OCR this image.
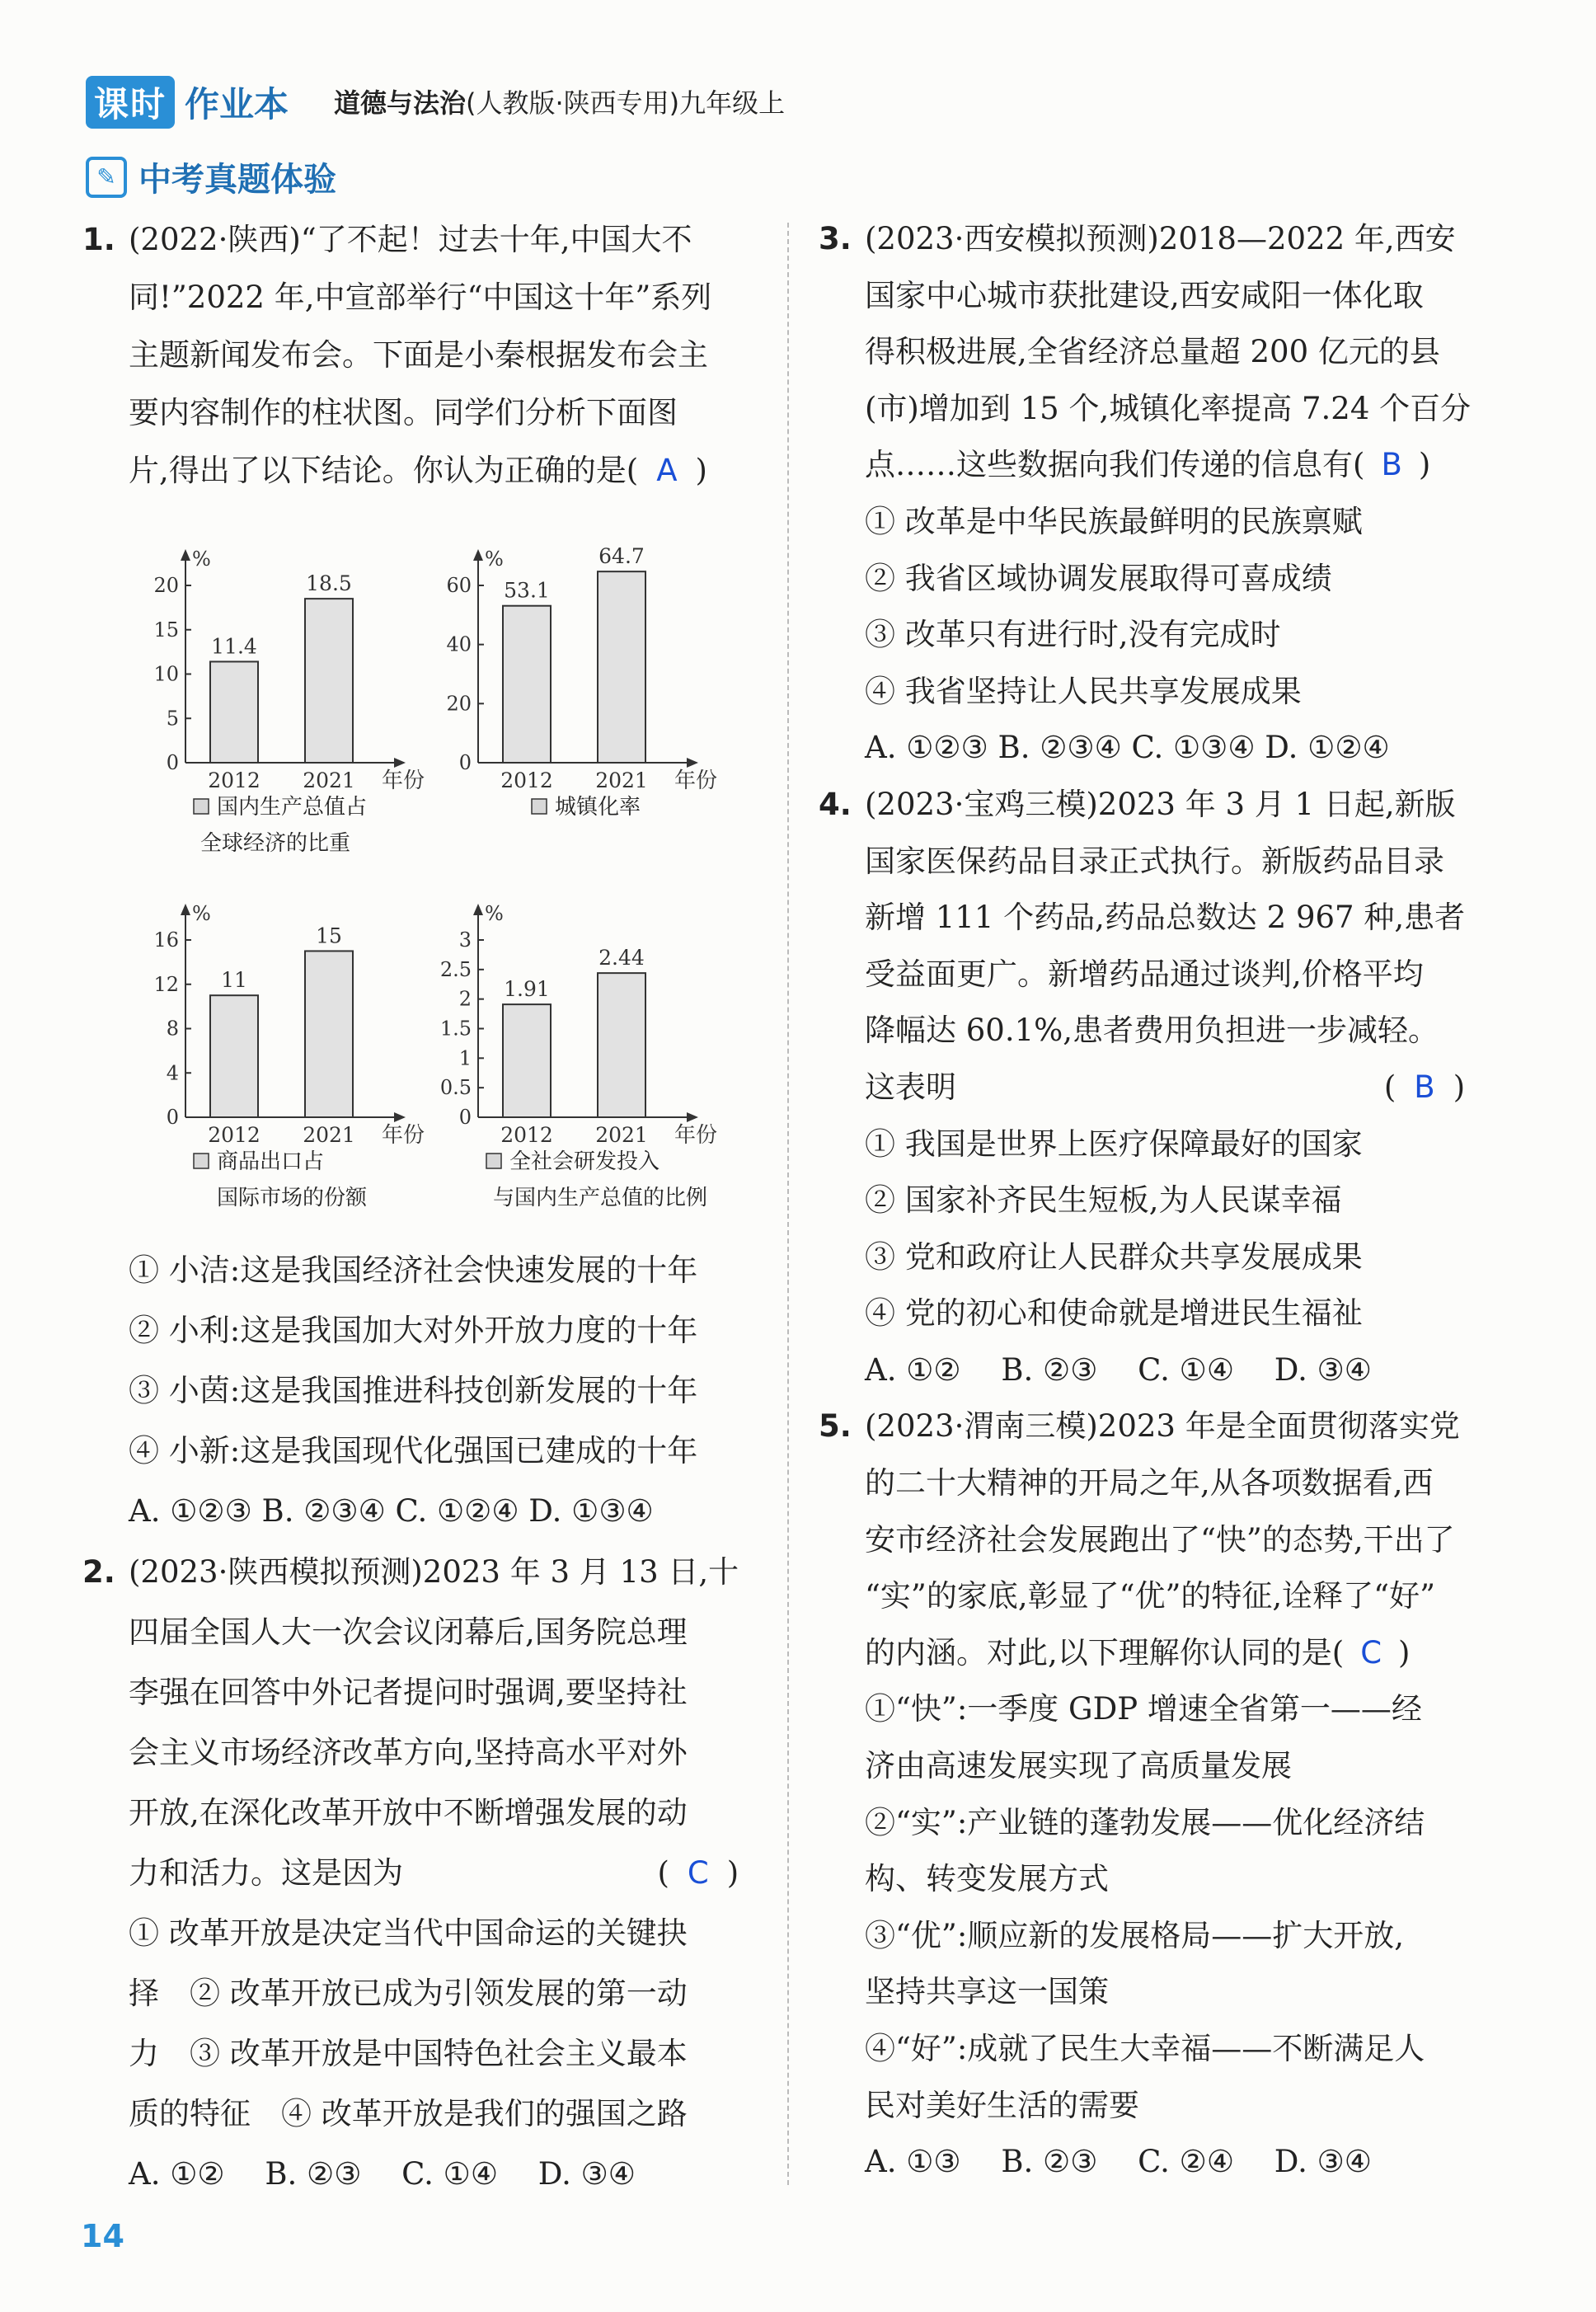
课时 作业本 道德与法治(人教版·陕西专用)九年级上
✎ 中考真题体验
1. (2022·陕西)“了不起！过去十年,中国大不

同!”2022 年,中宣部举行“中国这十年”系列

主题新闻发布会。下面是小秦根据发布会主

要内容制作的柱状图。同学们分析下面图

片,得出了以下结论。你认为正确的是( A )

%
0
5
10
15
20
11.4
2012
18.5
2021 年份
国内生产总值占
全球经济的比重
%
0
20
40
60 53.1
2012
64.7
2021 年份
城镇化率
%
0
4
8
12
16
11
2012
15
2021 年份
商品出口占
国际市场的份额
%
0
0.5
1
1.5
2
2.5
3
1.91
2012
2.44
2021 年份
全社会研发投入
与国内生产总值的比例

① 小洁:这是我国经济社会快速发展的十年

② 小利:这是我国加大对外开放力度的十年

③ 小茵:这是我国推进科技创新发展的十年

④ 小新:这是我国现代化强国已建成的十年

A. ①②③ B. ②③④ C. ①②④ D. ①③④

2. (2023·陕西模拟预测)2023 年 3 月 13 日,十

四届全国人大一次会议闭幕后,国务院总理

李强在回答中外记者提问时强调,要坚持社

会主义市场经济改革方向,坚持高水平对外

开放,在深化改革开放中不断增强发展的动

力和活力。这是因为	( C )

① 改革开放是决定当代中国命运的关键抉

择　② 改革开放已成为引领发展的第一动

力　③ 改革开放是中国特色社会主义最本

质的特征　④ 改革开放是我们的强国之路

A. ①②　 B. ②③　 C. ①④　 D. ③④

3. (2023·西安模拟预测)2018—2022 年,西安

国家中心城市获批建设,西安咸阳一体化取

得积极进展,全省经济总量超 200 亿元的县

(市)增加到 15 个,城镇化率提高 7.24 个百分

点……这些数据向我们传递的信息有( B )

① 改革是中华民族最鲜明的民族禀赋

② 我省区域协调发展取得可喜成绩

③ 改革只有进行时,没有完成时

④ 我省坚持让人民共享发展成果

A. ①②③ B. ②③④ C. ①③④ D. ①②④

4. (2023·宝鸡三模)2023 年 3 月 1 日起,新版

国家医保药品目录正式执行。新版药品目录

新增 111 个药品,药品总数达 2 967 种,患者

受益面更广。新增药品通过谈判,价格平均

降幅达 60.1%,患者费用负担进一步减轻。

这表明	( B )

① 我国是世界上医疗保障最好的国家

② 国家补齐民生短板,为人民谋幸福

③ 党和政府让人民群众共享发展成果

④ 党的初心和使命就是增进民生福祉

A. ①②　 B. ②③　 C. ①④　 D. ③④

5. (2023·渭南三模)2023 年是全面贯彻落实党

的二十大精神的开局之年,从各项数据看,西

安市经济社会发展跑出了“快”的态势,干出了

“实”的家底,彰显了“优”的特征,诠释了“好”

的内涵。对此,以下理解你认同的是( C )

①“快”:一季度 GDP 增速全省第一——经

济由高速发展实现了高质量发展

②“实”:产业链的蓬勃发展——优化经济结

构、转变发展方式

③“优”:顺应新的发展格局——扩大开放,

坚持共享这一国策

④“好”:成就了民生大幸福——不断满足人

民对美好生活的需要

A. ①③　 B. ②③　 C. ②④　 D. ③④

14
